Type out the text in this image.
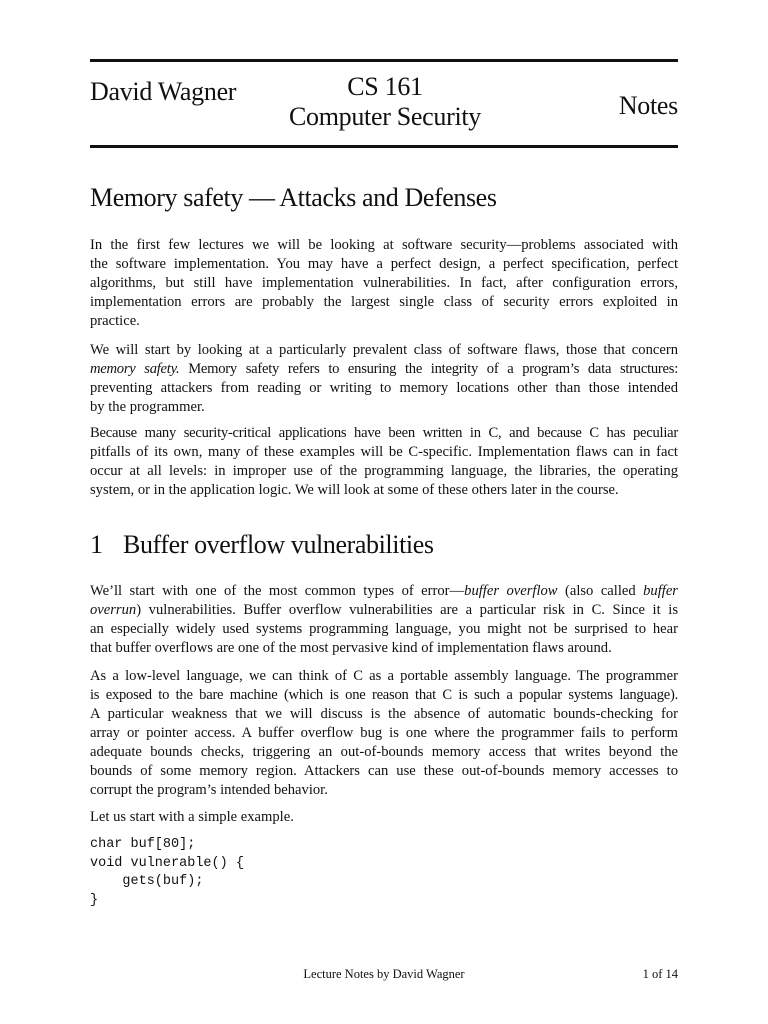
David Wagner	CS 161
Computer Security	Notes
Memory safety — Attacks and Defenses

In the first few lectures we will be looking at software security—problems associated with
the software implementation. You may have a perfect design, a perfect specification, perfect
algorithms, but still have implementation vulnerabilities. In fact, after configuration errors,
implementation errors are probably the largest single class of security errors exploited in
practice.

We will start by looking at a particularly prevalent class of software flaws, those that concern
memory safety. Memory safety refers to ensuring the integrity of a program’s data structures:
preventing attackers from reading or writing to memory locations other than those intended
by the programmer.

Because many security-critical applications have been written in C, and because C has peculiar
pitfalls of its own, many of these examples will be C-specific. Implementation flaws can in fact
occur at all levels: in improper use of the programming language, the libraries, the operating
system, or in the application logic. We will look at some of these others later in the course.

1 Buffer overflow vulnerabilities

We’ll start with one of the most common types of error—buffer overflow (also called buffer
overrun) vulnerabilities. Buffer overflow vulnerabilities are a particular risk in C. Since it is
an especially widely used systems programming language, you might not be surprised to hear
that buffer overflows are one of the most pervasive kind of implementation flaws around.

As a low-level language, we can think of C as a portable assembly language. The programmer
is exposed to the bare machine (which is one reason that C is such a popular systems language).
A particular weakness that we will discuss is the absence of automatic bounds-checking for
array or pointer access. A buffer overflow bug is one where the programmer fails to perform
adequate bounds checks, triggering an out-of-bounds memory access that writes beyond the
bounds of some memory region. Attackers can use these out-of-bounds memory accesses to
corrupt the program’s intended behavior.

Let us start with a simple example.

char buf[80];
void vulnerable() {
gets(buf);
}
Lecture Notes by David Wagner	1 of 14
